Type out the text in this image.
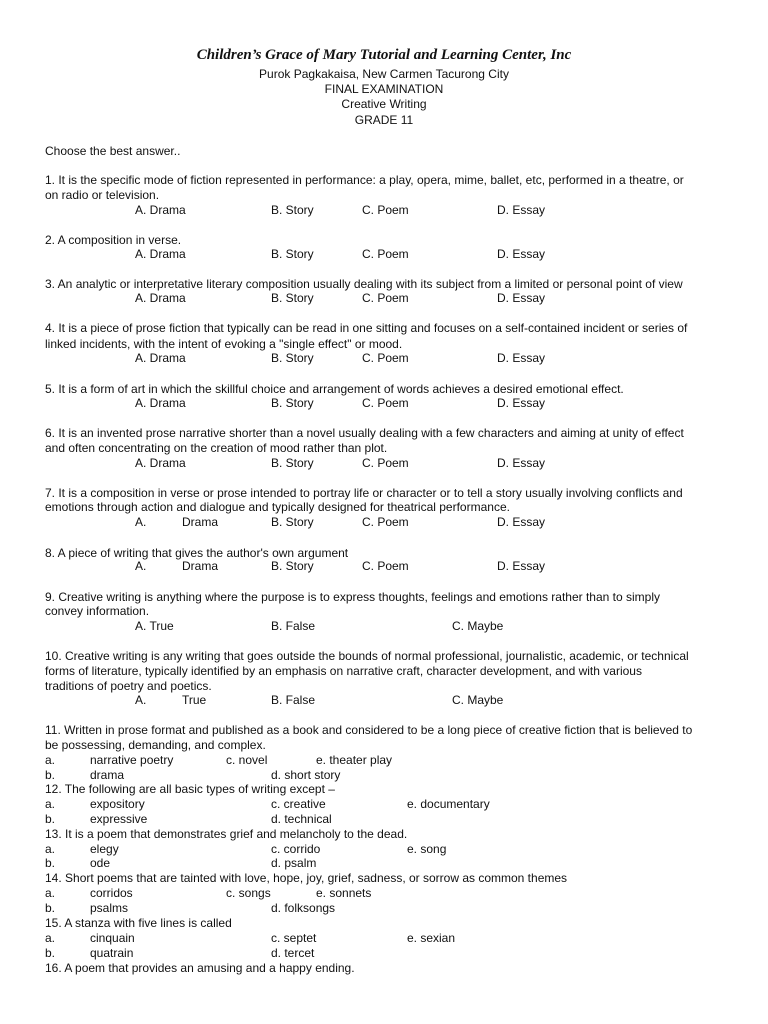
Children’s Grace of Mary Tutorial and Learning Center, Inc
Purok Pagkakaisa, New Carmen Tacurong City
FINAL EXAMINATION
Creative Writing
GRADE 11
Choose the best answer..
1. It is the specific mode of fiction represented in performance: a play, opera, mime, ballet, etc, performed in a theatre, or
on radio or television.
A. Drama	B. Story	C. Poem	D. Essay
2. A composition in verse.
A. Drama	B. Story	C. Poem	D. Essay
3. An analytic or interpretative literary composition usually dealing with its subject from a limited or personal point of view
A. Drama	B. Story	C. Poem	D. Essay
4. It is a piece of prose fiction that typically can be read in one sitting and focuses on a self-contained incident or series of
linked incidents, with the intent of evoking a "single effect" or mood.
A. Drama	B. Story	C. Poem	D. Essay
5. It is a form of art in which the skillful choice and arrangement of words achieves a desired emotional effect.
A. Drama	B. Story	C. Poem	D. Essay
6. It is an invented prose narrative shorter than a novel usually dealing with a few characters and aiming at unity of effect
and often concentrating on the creation of mood rather than plot.
A. Drama	B. Story	C. Poem	D. Essay
7. It is a composition in verse or prose intended to portray life or character or to tell a story usually involving conflicts and
emotions through action and dialogue and typically designed for theatrical performance.
A.	Drama	B. Story	C. Poem	D. Essay
8. A piece of writing that gives the author's own argument
A.	Drama	B. Story	C. Poem	D. Essay
9. Creative writing is anything where the purpose is to express thoughts, feelings and emotions rather than to simply
convey information.
A. True	B. False	C. Maybe
10. Creative writing is any writing that goes outside the bounds of normal professional, journalistic, academic, or technical
forms of literature, typically identified by an emphasis on narrative craft, character development, and with various
traditions of poetry and poetics.
A.	True	B. False	C. Maybe
11. Written in prose format and published as a book and considered to be a long piece of creative fiction that is believed to
be possessing, demanding, and complex.
a.	narrative poetry	c. novel	e. theater play
b.	drama	d. short story
12. The following are all basic types of writing except –
a.	expository	c. creative	e. documentary
b.	expressive	d. technical
13. It is a poem that demonstrates grief and melancholy to the dead.
a.	elegy	c. corrido	e. song
b.	ode	d. psalm
14. Short poems that are tainted with love, hope, joy, grief, sadness, or sorrow as common themes
a.	corridos	c. songs	e. sonnets
b.	psalms	d. folksongs
15. A stanza with five lines is called
a.	cinquain	c. septet	e. sexian
b.	quatrain	d. tercet
16. A poem that provides an amusing and a happy ending.
